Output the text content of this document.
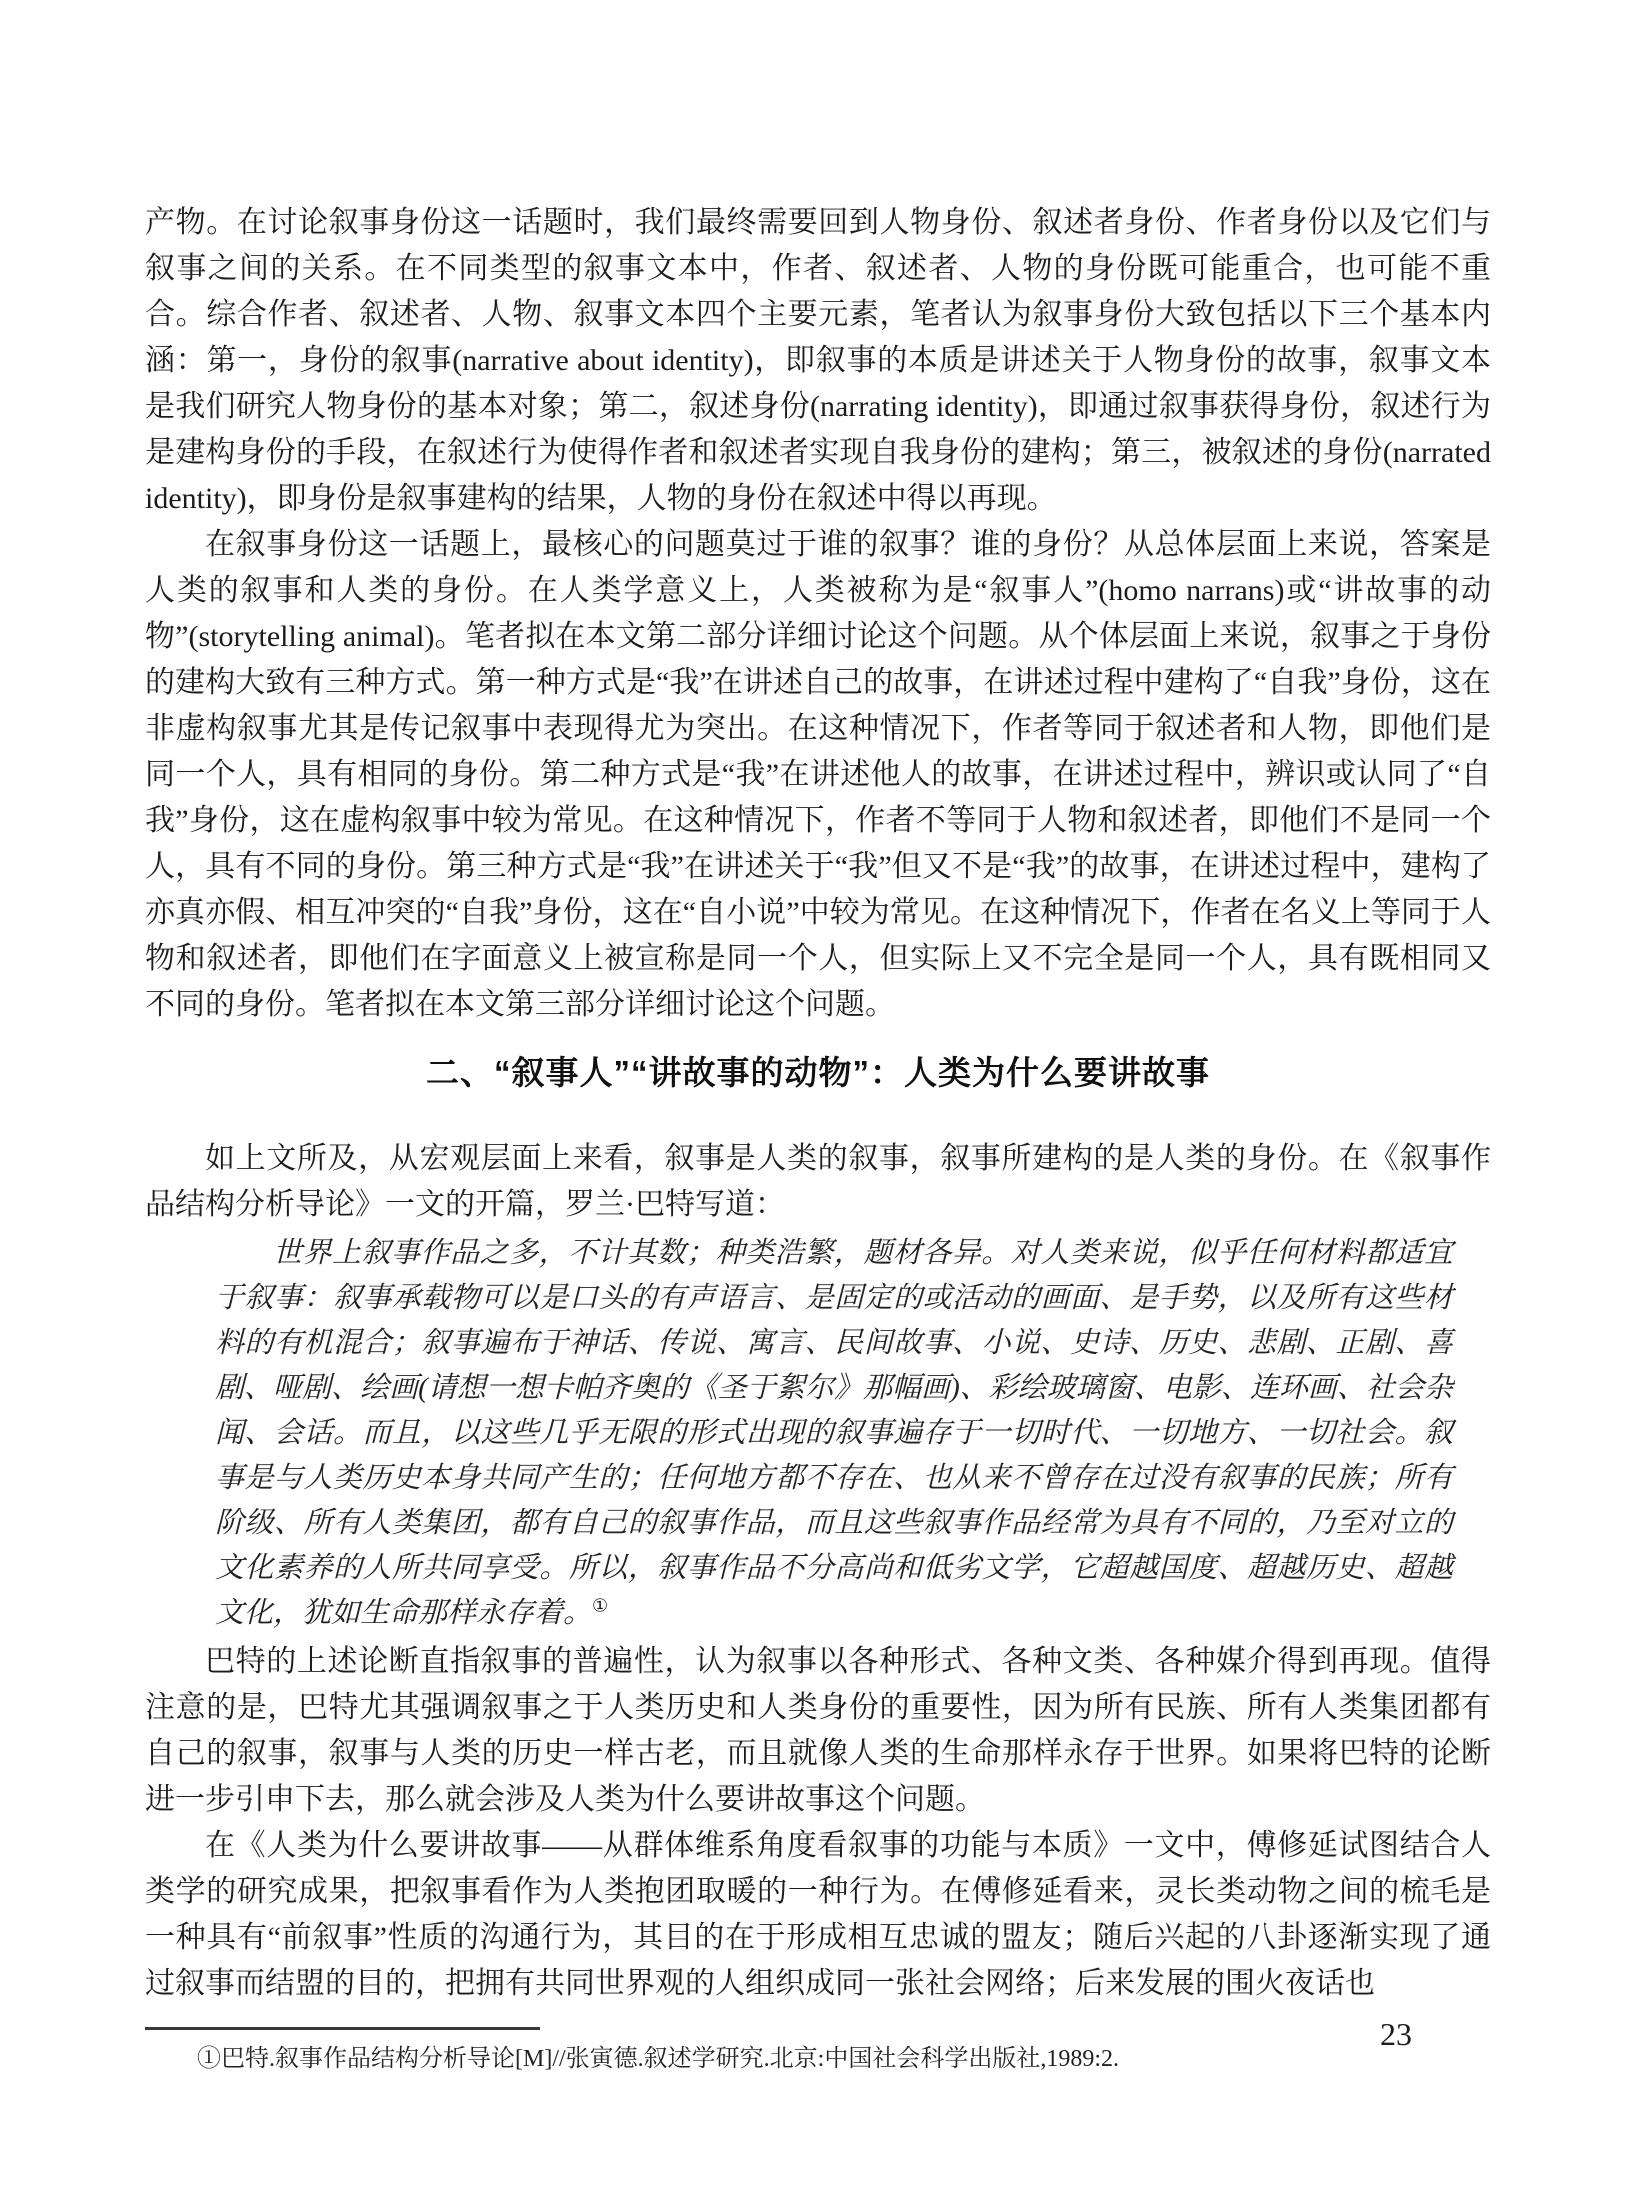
产物。在讨论叙事身份这一话题时，我们最终需要回到人物身份、叙述者身份、作者身份以及它们与叙事之间的关系。在不同类型的叙事文本中，作者、叙述者、人物的身份既可能重合，也可能不重合。综合作者、叙述者、人物、叙事文本四个主要元素，笔者认为叙事身份大致包括以下三个基本内涵：第一，身份的叙事(narrative about identity)，即叙事的本质是讲述关于人物身份的故事，叙事文本是我们研究人物身份的基本对象；第二，叙述身份(narrating identity)，即通过叙事获得身份，叙述行为是建构身份的手段，在叙述行为使得作者和叙述者实现自我身份的建构；第三，被叙述的身份(narrated identity)，即身份是叙事建构的结果，人物的身份在叙述中得以再现。

在叙事身份这一话题上，最核心的问题莫过于谁的叙事？谁的身份？从总体层面上来说，答案是人类的叙事和人类的身份。在人类学意义上，人类被称为是“叙事人”(homo narrans)或“讲故事的动物”(storytelling animal)。笔者拟在本文第二部分详细讨论这个问题。从个体层面上来说，叙事之于身份的建构大致有三种方式。第一种方式是“我”在讲述自己的故事，在讲述过程中建构了“自我”身份，这在非虚构叙事尤其是传记叙事中表现得尤为突出。在这种情况下，作者等同于叙述者和人物，即他们是同一个人，具有相同的身份。第二种方式是“我”在讲述他人的故事，在讲述过程中，辨识或认同了“自我”身份，这在虚构叙事中较为常见。在这种情况下，作者不等同于人物和叙述者，即他们不是同一个人，具有不同的身份。第三种方式是“我”在讲述关于“我”但又不是“我”的故事，在讲述过程中，建构了亦真亦假、相互冲突的“自我”身份，这在“自小说”中较为常见。在这种情况下，作者在名义上等同于人物和叙述者，即他们在字面意义上被宣称是同一个人，但实际上又不完全是同一个人，具有既相同又不同的身份。笔者拟在本文第三部分详细讨论这个问题。

二、“叙事人”“讲故事的动物”：人类为什么要讲故事

如上文所及，从宏观层面上来看，叙事是人类的叙事，叙事所建构的是人类的身份。在《叙事作品结构分析导论》一文的开篇，罗兰·巴特写道：

世界上叙事作品之多，不计其数；种类浩繁，题材各异。对人类来说，似乎任何材料都适宜于叙事：叙事承载物可以是口头的有声语言、是固定的或活动的画面、是手势，以及所有这些材料的有机混合；叙事遍布于神话、传说、寓言、民间故事、小说、史诗、历史、悲剧、正剧、喜剧、哑剧、绘画(请想一想卡帕齐奥的《圣于絮尔》那幅画)、彩绘玻璃窗、电影、连环画、社会杂闻、会话。而且，以这些几乎无限的形式出现的叙事遍存于一切时代、一切地方、一切社会。叙事是与人类历史本身共同产生的；任何地方都不存在、也从来不曾存在过没有叙事的民族；所有阶级、所有人类集团，都有自己的叙事作品，而且这些叙事作品经常为具有不同的，乃至对立的文化素养的人所共同享受。所以，叙事作品不分高尚和低劣文学，它超越国度、超越历史、超越文化，犹如生命那样永存着。①

巴特的上述论断直指叙事的普遍性，认为叙事以各种形式、各种文类、各种媒介得到再现。值得注意的是，巴特尤其强调叙事之于人类历史和人类身份的重要性，因为所有民族、所有人类集团都有自己的叙事，叙事与人类的历史一样古老，而且就像人类的生命那样永存于世界。如果将巴特的论断进一步引申下去，那么就会涉及人类为什么要讲故事这个问题。

在《人类为什么要讲故事——从群体维系角度看叙事的功能与本质》一文中，傅修延试图结合人类学的研究成果，把叙事看作为人类抱团取暖的一种行为。在傅修延看来，灵长类动物之间的梳毛是一种具有“前叙事”性质的沟通行为，其目的在于形成相互忠诚的盟友；随后兴起的八卦逐渐实现了通过叙事而结盟的目的，把拥有共同世界观的人组织成同一张社会网络；后来发展的围火夜话也

①巴特.叙事作品结构分析导论[M]//张寅德.叙述学研究.北京:中国社会科学出版社,1989:2.

23
